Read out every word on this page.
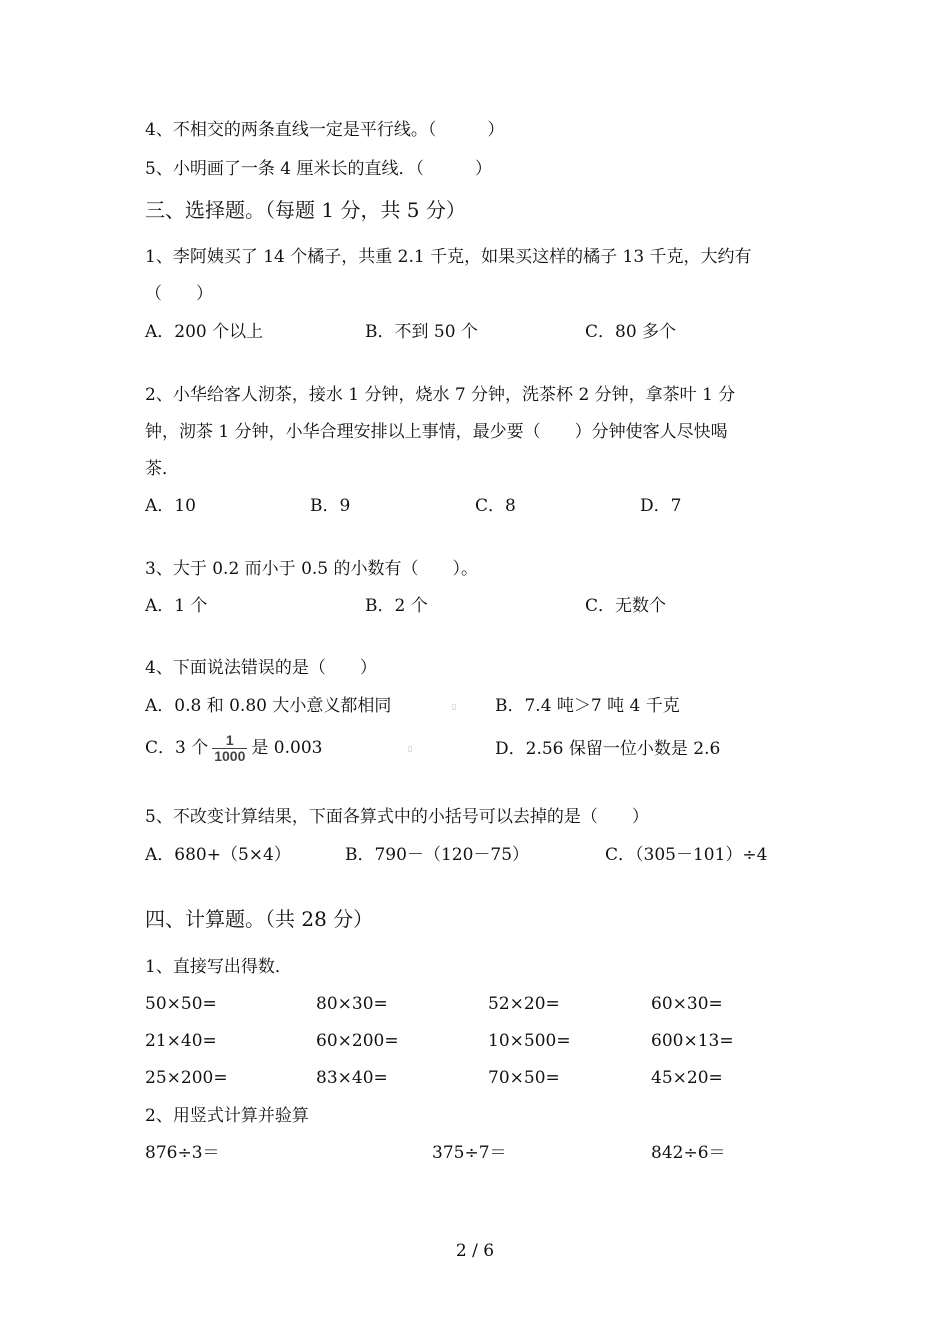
4、不相交的两条直线一定是平行线。（　　　）
5、小明画了一条 4 厘米长的直线．（　　　）
三、选择题。（每题 1 分，共 5 分）
1、李阿姨买了 14 个橘子，共重 2.1 千克，如果买这样的橘子 13 千克，大约有
（　　）
A．200 个以上	B．不到 50 个	C．80 多个
2、小华给客人沏茶，接水 1 分钟，烧水 7 分钟，洗茶杯 2 分钟，拿茶叶 1 分
钟，沏茶 1 分钟，小华合理安排以上事情，最少要（　　）分钟使客人尽快喝
茶．
A．10	B．9	C．8	D．7
3、大于 0.2 而小于 0.5 的小数有（　　）。
A．1 个	B．2 个	C．无数个
4、下面说法错误的是（　　）
A．0.8 和 0.80 大小意义都相同	▯ B．7.4 吨＞7 吨 4 千克
C．3 个 $\frac{1}{1000}$ 是 0.003	▯	D．2.56 保留一位小数是 2.6
5、不改变计算结果，下面各算式中的小括号可以去掉的是（　　）
A．680+（5×4）	B．790－（120－75）	C．（305－101）÷4
四、计算题。（共 28 分）
1、直接写出得数．
50×50=	80×30=	52×20=	60×30=
21×40=	60×200=	10×500=	600×13=
25×200=	83×40=	70×50=	45×20=
2、用竖式计算并验算
876÷3＝	375÷7＝	842÷6＝
2 / 6
